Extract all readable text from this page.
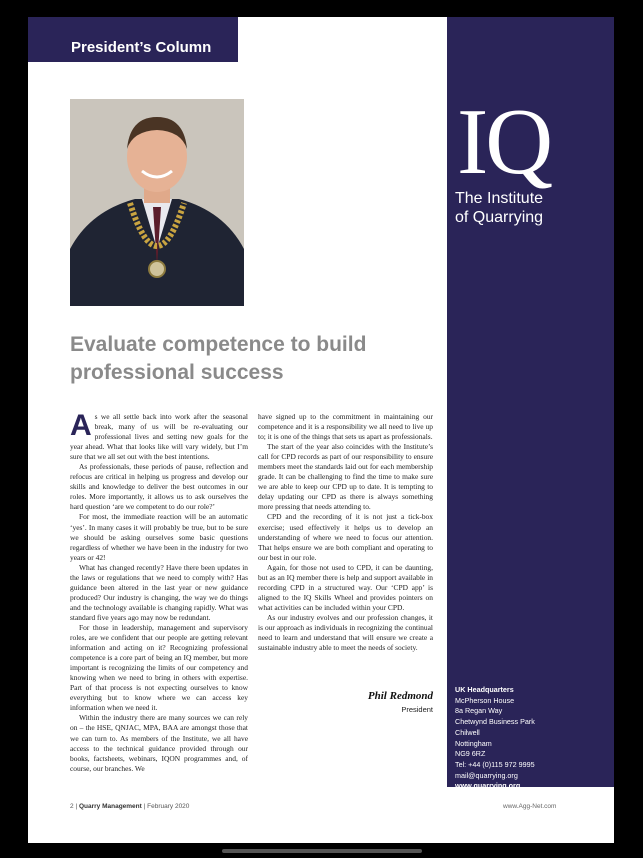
President’s Column
IQ
The Institute
of Quarrying
UK Headquarters
McPherson House
8a Regan Way
Chetwynd Business Park
Chilwell
Nottingham
NG9 6RZ
Tel: +44 (0)115 972 9995
mail@quarrying.org
www.quarrying.org
Evaluate competence to build
professional success

As we all settle back into work after the seasonal break, many of us will be re-evaluating our professional lives and setting new goals for the year ahead. What that looks like will vary widely, but I’m sure that we all set out with the best intentions.

As professionals, these periods of pause, reflection and refocus are critical in helping us progress and develop our skills and knowledge to deliver the best outcomes in our roles. More importantly, it allows us to ask ourselves the hard question ‘are we competent to do our role?’

For most, the immediate reaction will be an automatic ‘yes’. In many cases it will probably be true, but to be sure we should be asking ourselves some basic questions regardless of whether we have been in the industry for two years or 42!

What has changed recently? Have there been updates in the laws or regulations that we need to comply with? Has guidance been altered in the last year or new guidance produced? Our industry is changing, the way we do things and the technology available is changing rapidly. What was standard five years ago may now be redundant.

For those in leadership, management and supervisory roles, are we confident that our people are getting relevant information and acting on it? Recognizing professional competence is a core part of being an IQ member, but more important is recognizing the limits of our competency and knowing when we need to bring in others with expertise. Part of that process is not expecting ourselves to know everything but to know where we can access key information when we need it.

Within the industry there are many sources we can rely on – the HSE, QNJAC, MPA, BAA are amongst those that we can turn to. As members of the Institute, we all have access to the technical guidance provided through our books, factsheets, webinars, IQON programmes and, of course, our branches. We

have signed up to the commitment in maintaining our competence and it is a responsibility we all need to live up to; it is one of the things that sets us apart as professionals.

The start of the year also coincides with the Institute’s call for CPD records as part of our responsibility to ensure members meet the standards laid out for each membership grade. It can be challenging to find the time to make sure we are able to keep our CPD up to date. It is tempting to delay updating our CPD as there is always something more pressing that needs attending to.

CPD and the recording of it is not just a tick-box exercise; used effectively it helps us to develop an understanding of where we need to focus our attention. That helps ensure we are both compliant and operating to our best in our role.

Again, for those not used to CPD, it can be daunting, but as an IQ member there is help and support available in recording CPD in a structured way. Our ‘CPD app’ is aligned to the IQ Skills Wheel and provides pointers on what activities can be included within your CPD.

As our industry evolves and our profession changes, it is our approach as individuals in recognizing the continual need to learn and understand that will ensure we create a sustainable industry able to meet the needs of society.

Phil Redmond
President
2 | Quarry Management | February 2020	www.Agg-Net.com
